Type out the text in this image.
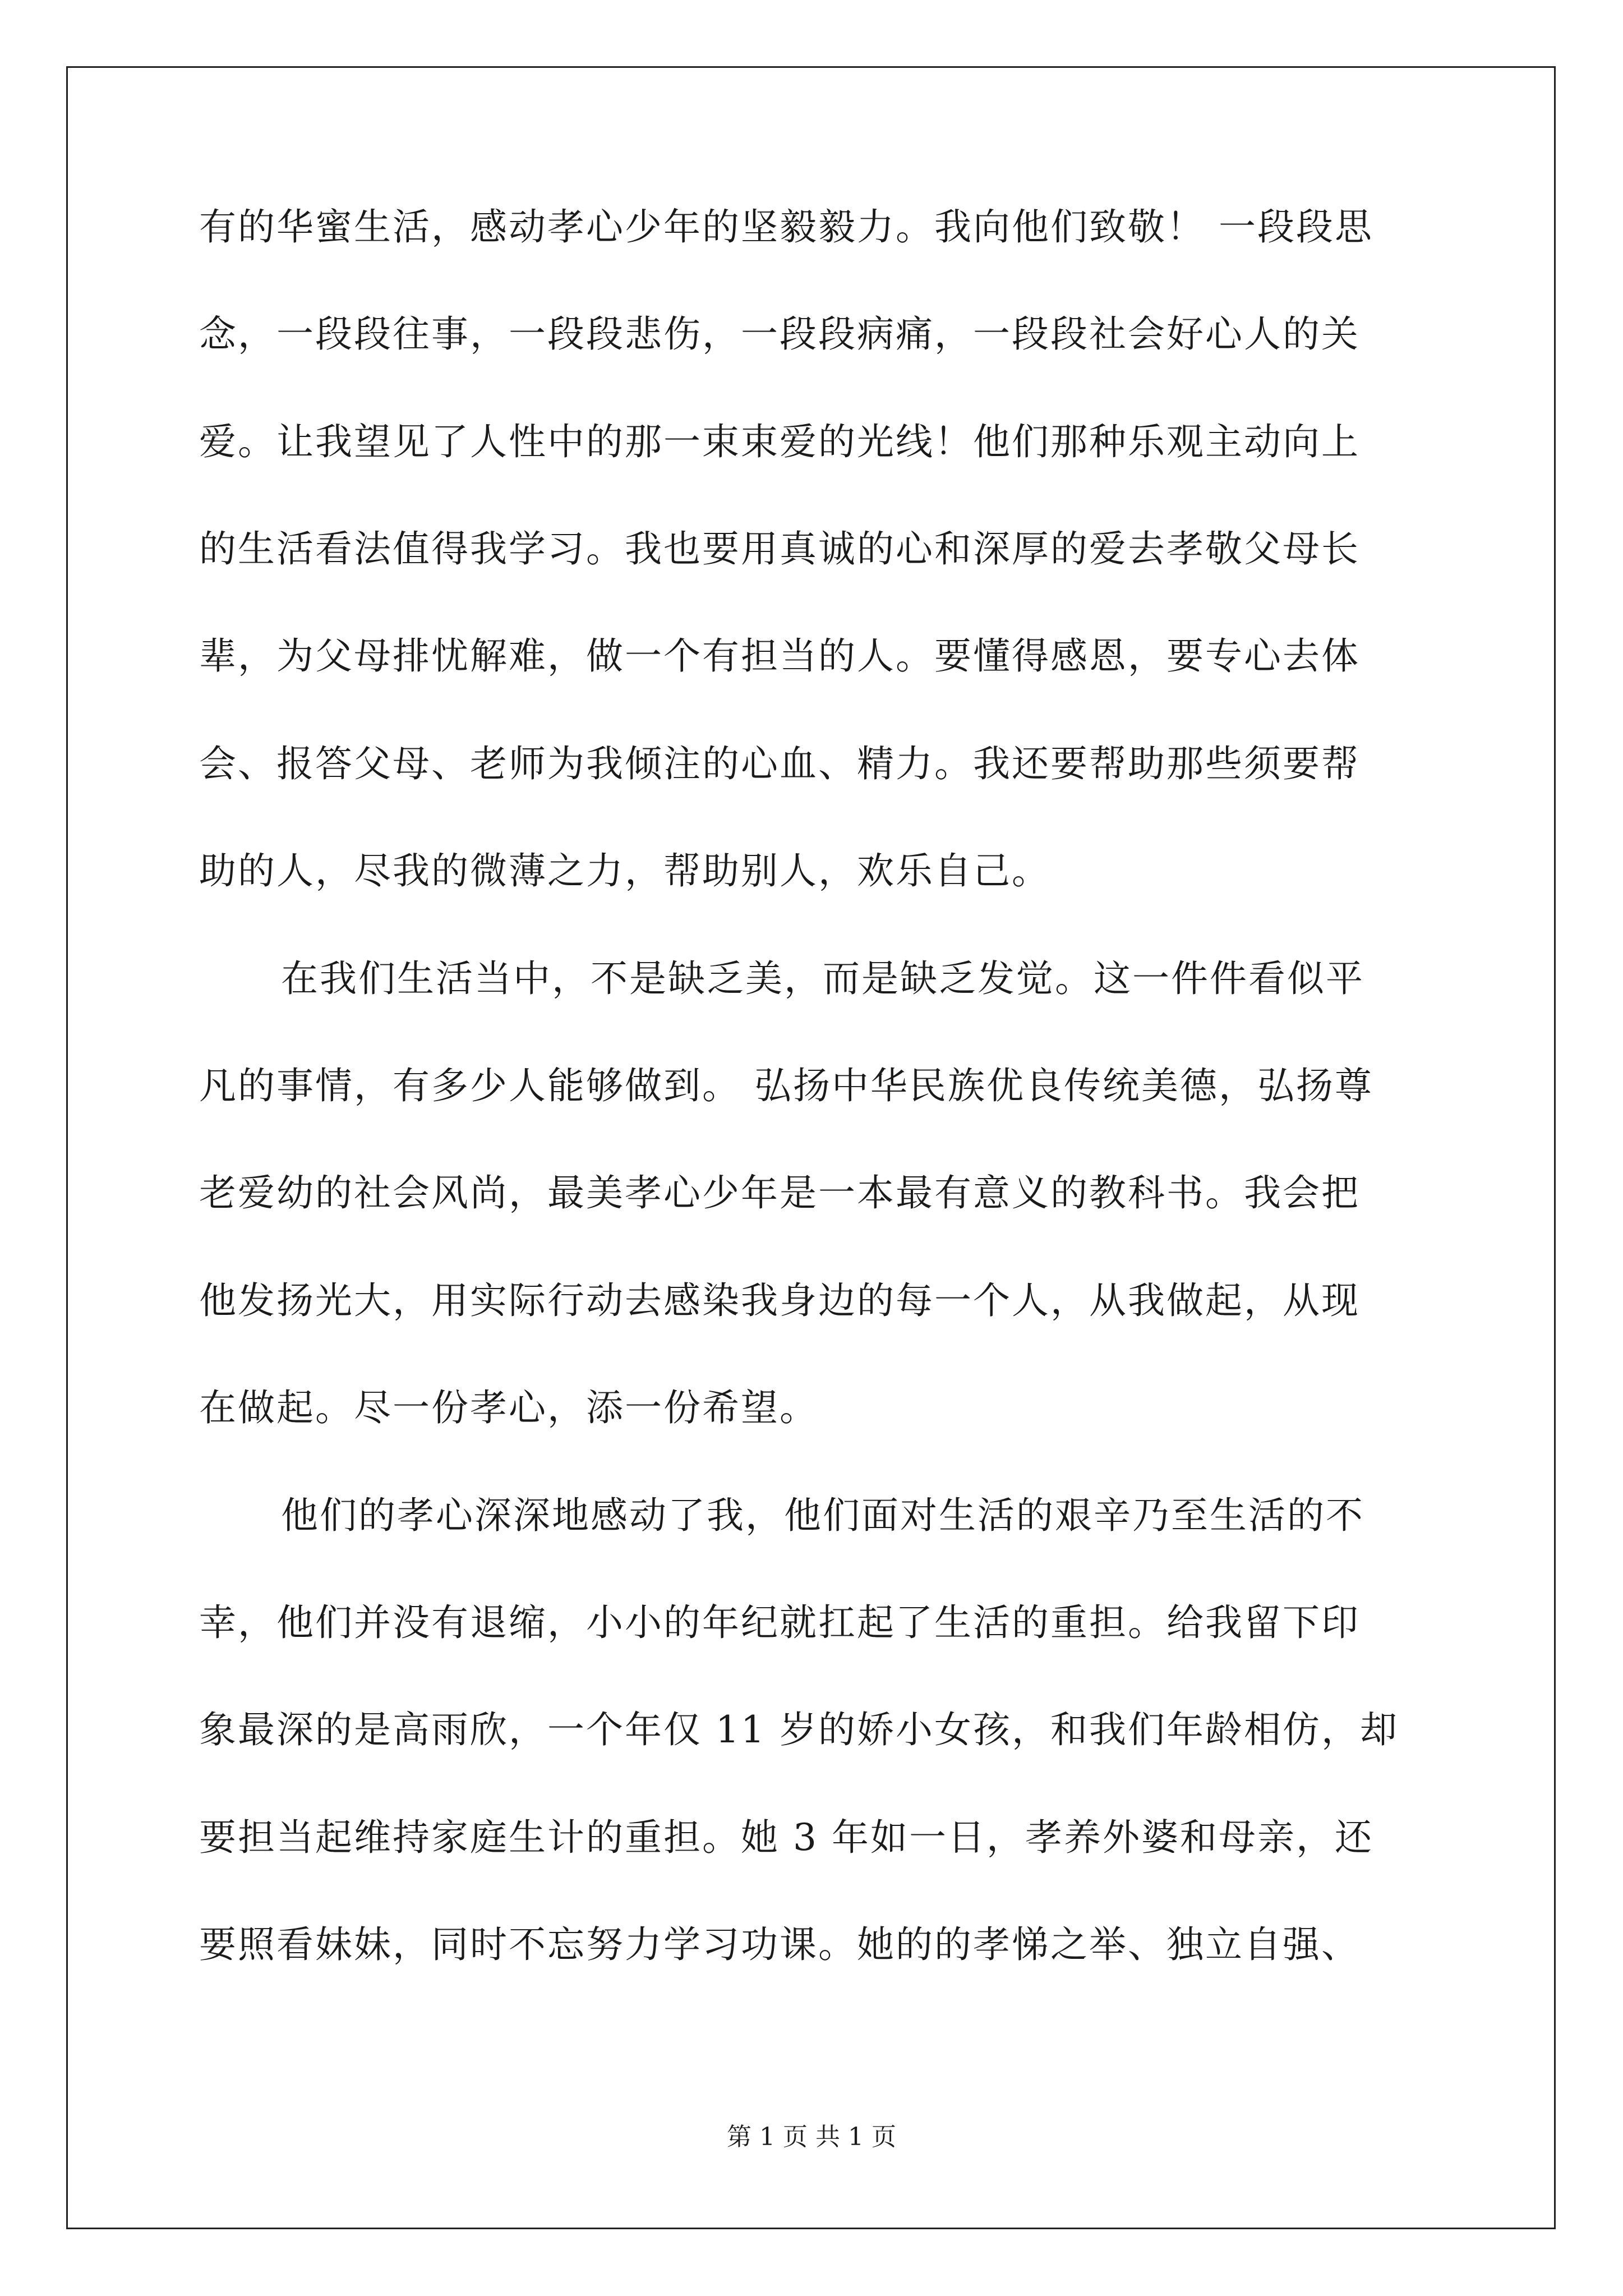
有的华蜜生活，感动孝心少年的坚毅毅力。我向他们致敬！ 一段段思
念，一段段往事，一段段悲伤，一段段病痛，一段段社会好心人的关
爱。让我望见了人性中的那一束束爱的光线！他们那种乐观主动向上
的生活看法值得我学习。我也要用真诚的心和深厚的爱去孝敬父母长
辈，为父母排忧解难，做一个有担当的人。要懂得感恩，要专心去体
会、报答父母、老师为我倾注的心血、精力。我还要帮助那些须要帮
助的人，尽我的微薄之力，帮助别人，欢乐自己。
在我们生活当中，不是缺乏美，而是缺乏发觉。这一件件看似平
凡的事情，有多少人能够做到。 弘扬中华民族优良传统美德，弘扬尊
老爱幼的社会风尚，最美孝心少年是一本最有意义的教科书。我会把
他发扬光大，用实际行动去感染我身边的每一个人，从我做起，从现
在做起。尽一份孝心，添一份希望。
他们的孝心深深地感动了我，他们面对生活的艰辛乃至生活的不
幸，他们并没有退缩，小小的年纪就扛起了生活的重担。给我留下印
象最深的是高雨欣，一个年仅 11 岁的娇小女孩，和我们年龄相仿，却
要担当起维持家庭生计的重担。她 3 年如一日，孝养外婆和母亲，还
要照看妹妹，同时不忘努力学习功课。她的的孝悌之举、独立自强、
第 1 页 共 1 页
